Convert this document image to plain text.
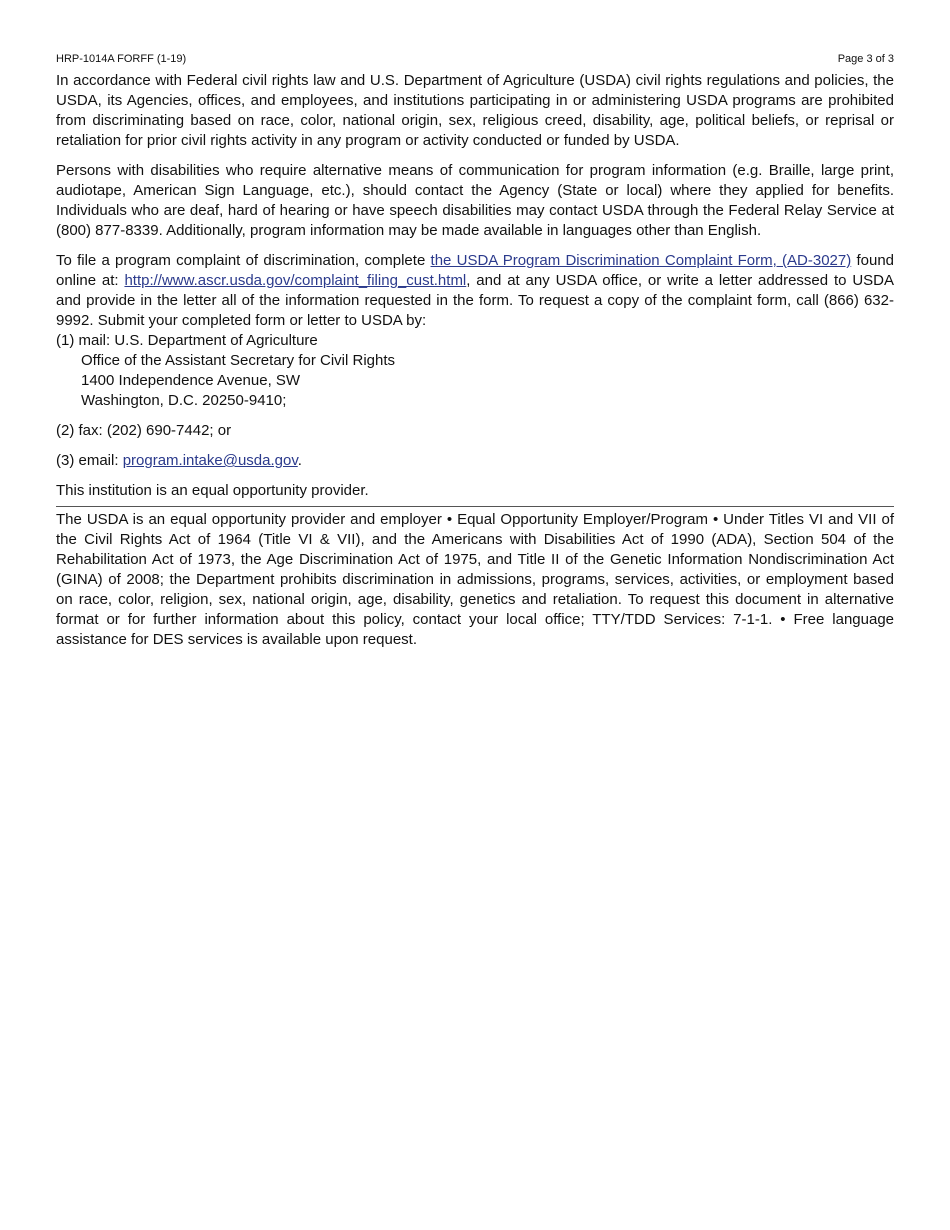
HRP-1014A FORFF (1-19)	Page 3 of 3

In accordance with Federal civil rights law and U.S. Department of Agriculture (USDA) civil rights regulations and policies, the USDA, its Agencies, offices, and employees, and institutions participating in or administering USDA programs are prohibited from discriminating based on race, color, national origin, sex, religious creed, disability, age, political beliefs, or reprisal or retaliation for prior civil rights activity in any program or activity conducted or funded by USDA.

Persons with disabilities who require alternative means of communication for program information (e.g. Braille, large print, audiotape, American Sign Language, etc.), should contact the Agency (State or local) where they applied for benefits. Individuals who are deaf, hard of hearing or have speech disabilities may contact USDA through the Federal Relay Service at (800) 877-8339. Additionally, program information may be made available in languages other than English.

To file a program complaint of discrimination, complete the USDA Program Discrimination Complaint Form, (AD-3027) found online at: http://www.ascr.usda.gov/complaint_filing_cust.html, and at any USDA office, or write a letter addressed to USDA and provide in the letter all of the information requested in the form. To request a copy of the complaint form, call (866) 632-9992. Submit your completed form or letter to USDA by:

(1) mail: U.S. Department of Agriculture

Office of the Assistant Secretary for Civil Rights
1400 Independence Avenue, SW
Washington, D.C. 20250-9410;

(2) fax: (202) 690-7442; or

(3) email: program.intake@usda.gov.

This institution is an equal opportunity provider.

The USDA is an equal opportunity provider and employer • Equal Opportunity Employer/Program • Under Titles VI and VII of the Civil Rights Act of 1964 (Title VI & VII), and the Americans with Disabilities Act of 1990 (ADA), Section 504 of the Rehabilitation Act of 1973, the Age Discrimination Act of 1975, and Title II of the Genetic Information Nondiscrimination Act (GINA) of 2008; the Department prohibits discrimination in admissions, programs, services, activities, or employment based on race, color, religion, sex, national origin, age, disability, genetics and retaliation. To request this document in alternative format or for further information about this policy, contact your local office; TTY/TDD Services: 7-1-1. • Free language assistance for DES services is available upon request.
